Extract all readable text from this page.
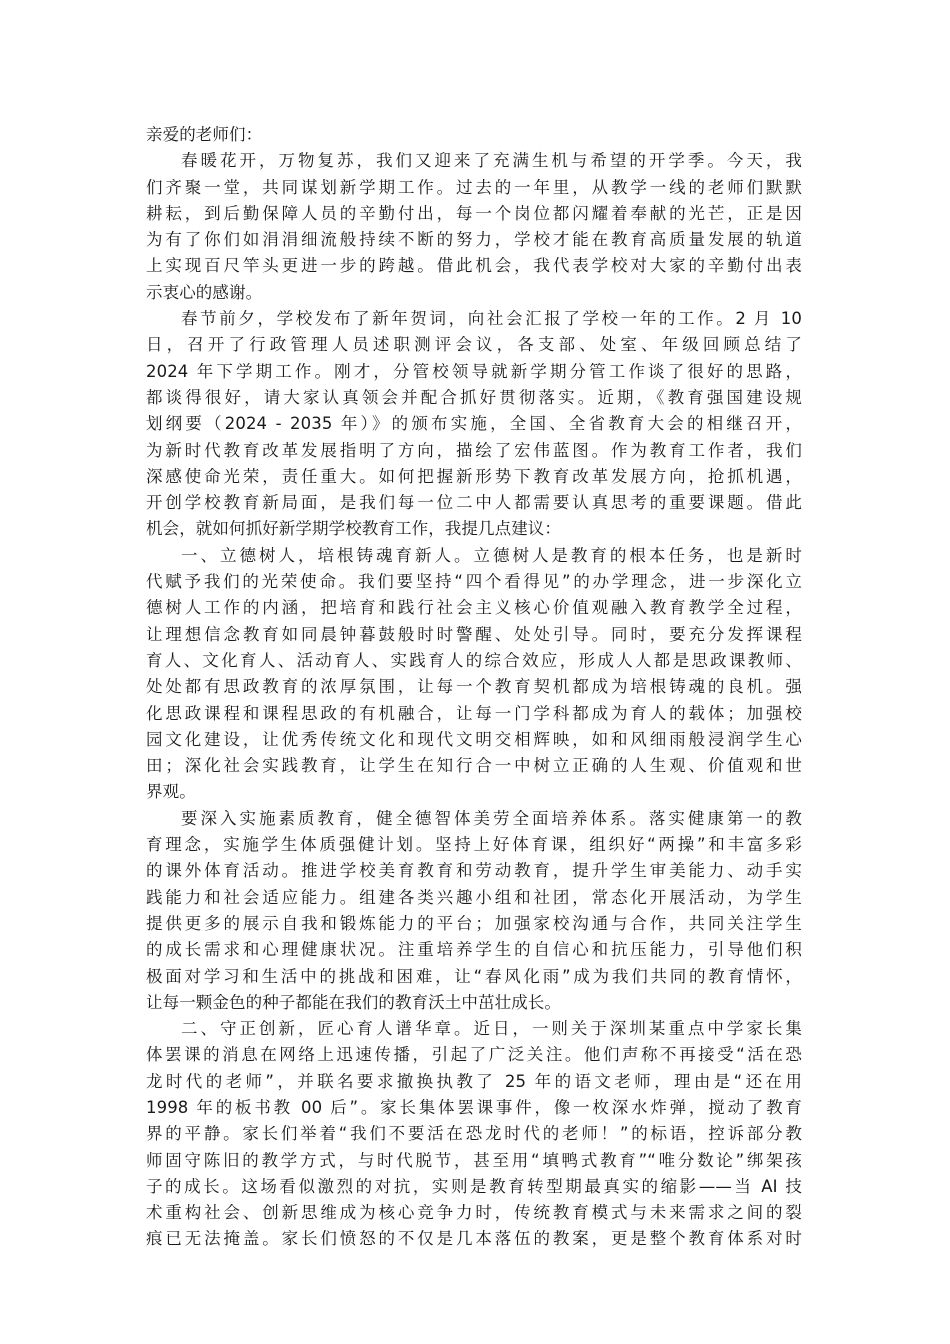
亲爱的老师们：
春暖花开，万物复苏，我们又迎来了充满生机与希望的开学季。今天，我
们齐聚一堂，共同谋划新学期工作。过去的一年里，从教学一线的老师们默默
耕耘，到后勤保障人员的辛勤付出，每一个岗位都闪耀着奉献的光芒，正是因
为有了你们如涓涓细流般持续不断的努力，学校才能在教育高质量发展的轨道
上实现百尺竿头更进一步的跨越。借此机会，我代表学校对大家的辛勤付出表
示衷心的感谢。
春节前夕，学校发布了新年贺词，向社会汇报了学校一年的工作。2 月 10
日，召开了行政管理人员述职测评会议，各支部、处室、年级回顾总结了
2024 年下学期工作。刚才，分管校领导就新学期分管工作谈了很好的思路，
都谈得很好，请大家认真领会并配合抓好贯彻落实。近期，《教育强国建设规
划纲要（2024 - 2035 年）》的颁布实施，全国、全省教育大会的相继召开，
为新时代教育改革发展指明了方向，描绘了宏伟蓝图。作为教育工作者，我们
深感使命光荣，责任重大。如何把握新形势下教育改革发展方向，抢抓机遇，
开创学校教育新局面，是我们每一位二中人都需要认真思考的重要课题。借此
机会，就如何抓好新学期学校教育工作，我提几点建议：
一、立德树人，培根铸魂育新人。立德树人是教育的根本任务，也是新时
代赋予我们的光荣使命。我们要坚持“四个看得见”的办学理念，进一步深化立
德树人工作的内涵，把培育和践行社会主义核心价值观融入教育教学全过程，
让理想信念教育如同晨钟暮鼓般时时警醒、处处引导。同时，要充分发挥课程
育人、文化育人、活动育人、实践育人的综合效应，形成人人都是思政课教师、
处处都有思政教育的浓厚氛围，让每一个教育契机都成为培根铸魂的良机。强
化思政课程和课程思政的有机融合，让每一门学科都成为育人的载体；加强校
园文化建设，让优秀传统文化和现代文明交相辉映，如和风细雨般浸润学生心
田；深化社会实践教育，让学生在知行合一中树立正确的人生观、价值观和世
界观。
要深入实施素质教育，健全德智体美劳全面培养体系。落实健康第一的教
育理念，实施学生体质强健计划。坚持上好体育课，组织好“两操”和丰富多彩
的课外体育活动。推进学校美育教育和劳动教育，提升学生审美能力、动手实
践能力和社会适应能力。组建各类兴趣小组和社团，常态化开展活动，为学生
提供更多的展示自我和锻炼能力的平台；加强家校沟通与合作，共同关注学生
的成长需求和心理健康状况。注重培养学生的自信心和抗压能力，引导他们积
极面对学习和生活中的挑战和困难，让“春风化雨”成为我们共同的教育情怀，
让每一颗金色的种子都能在我们的教育沃土中茁壮成长。
二、守正创新，匠心育人谱华章。近日，一则关于深圳某重点中学家长集
体罢课的消息在网络上迅速传播，引起了广泛关注。他们声称不再接受“活在恐
龙时代的老师”，并联名要求撤换执教了 25 年的语文老师，理由是“还在用
1998 年的板书教 00 后”。家长集体罢课事件，像一枚深水炸弹，搅动了教育
界的平静。家长们举着“我们不要活在恐龙时代的老师！”的标语，控诉部分教
师固守陈旧的教学方式，与时代脱节，甚至用“填鸭式教育”“唯分数论”绑架孩
子的成长。这场看似激烈的对抗，实则是教育转型期最真实的缩影——当 AI 技
术重构社会、创新思维成为核心竞争力时，传统教育模式与未来需求之间的裂
痕已无法掩盖。家长们愤怒的不仅是几本落伍的教案，更是整个教育体系对时
